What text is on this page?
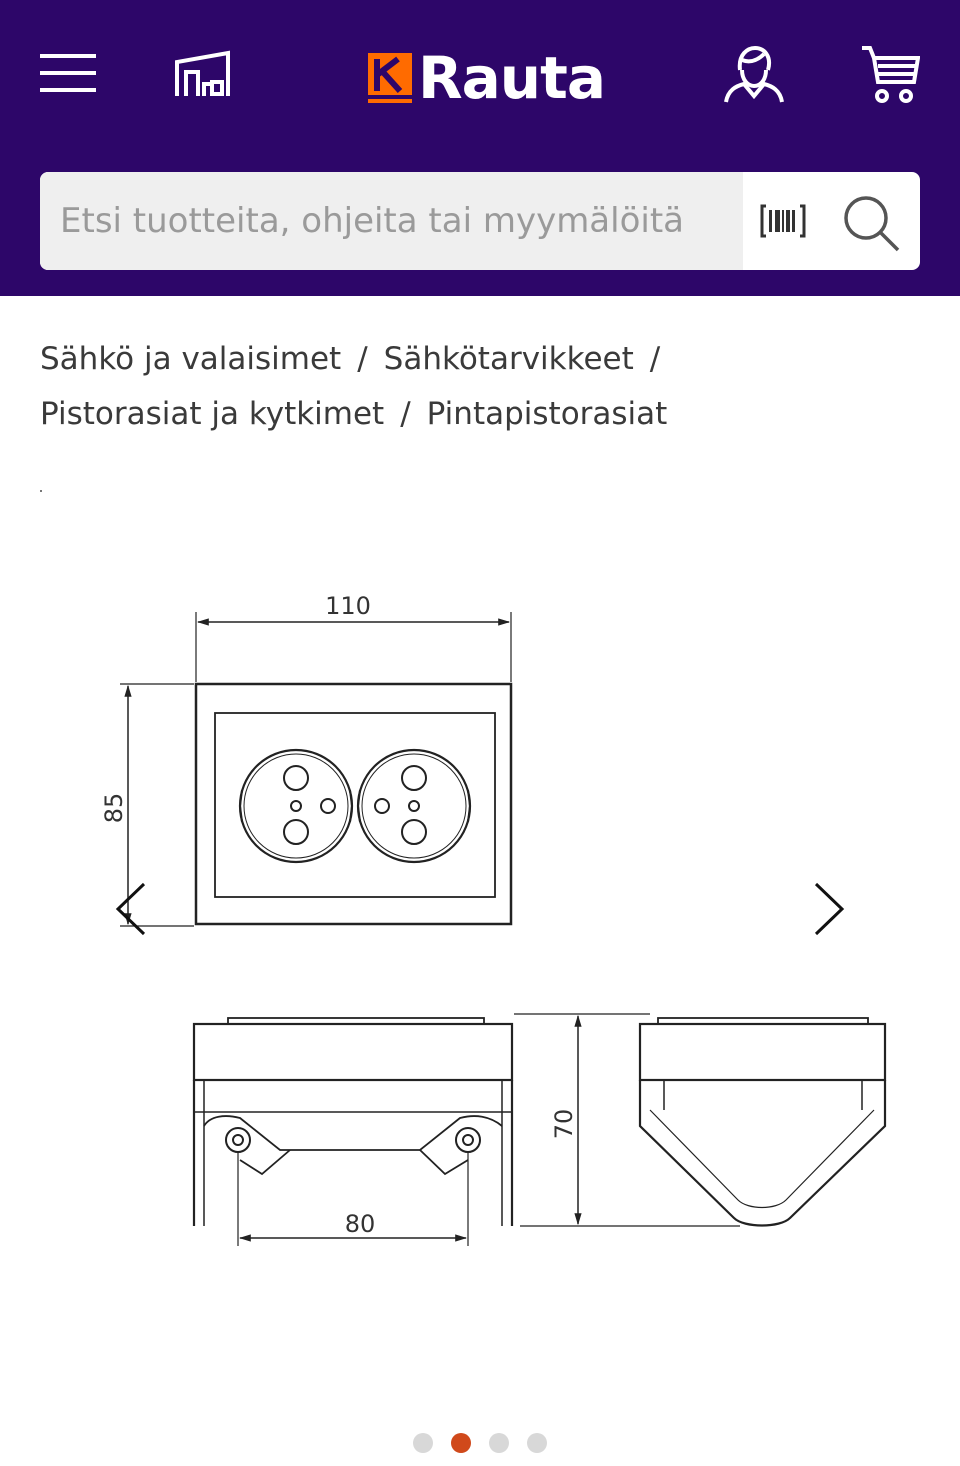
Rauta
Etsi tuotteita, ohjeita tai myymälöitä
Sähkö ja valaisimet / Sähkötarvikkeet /
Pistorasiat ja kytkimet / Pintapistorasiat
110
85
70
80
